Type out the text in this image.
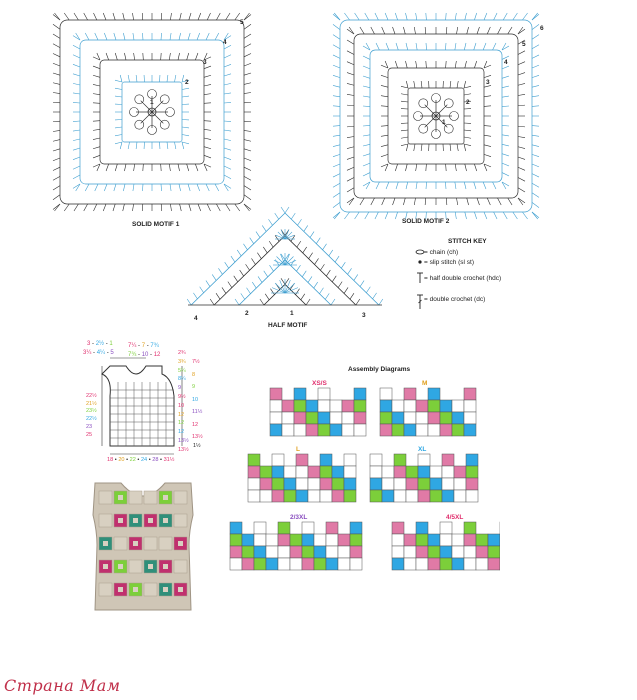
SOLID MOTIF 1
1
2
3
4
5
SOLID MOTIF 2
1
2
3
4
5
6
4
2	1	3
HALF MOTIF
STITCH KEY
= chain (ch)
= slip stitch (sl st)
= half double crochet (hdc)
= double crochet (dc)
3 - 2½ - 1
3¼ - 4¼ - 5
7¼ - 7 - 7¾
7¾ - 10 - 12	2¾
3¾
5¼
8¼
9
9½
10
12
12
12
13½
13½
7½
8
9
10
11½
12
13½
22½
21½
23½
22½
23
25
18 • 20 • 22 • 24 • 28 • 31½
1½
Assembly Diagrams
XS/S	M
L	XL
2/3XL	4/5XL
Страна Мам
